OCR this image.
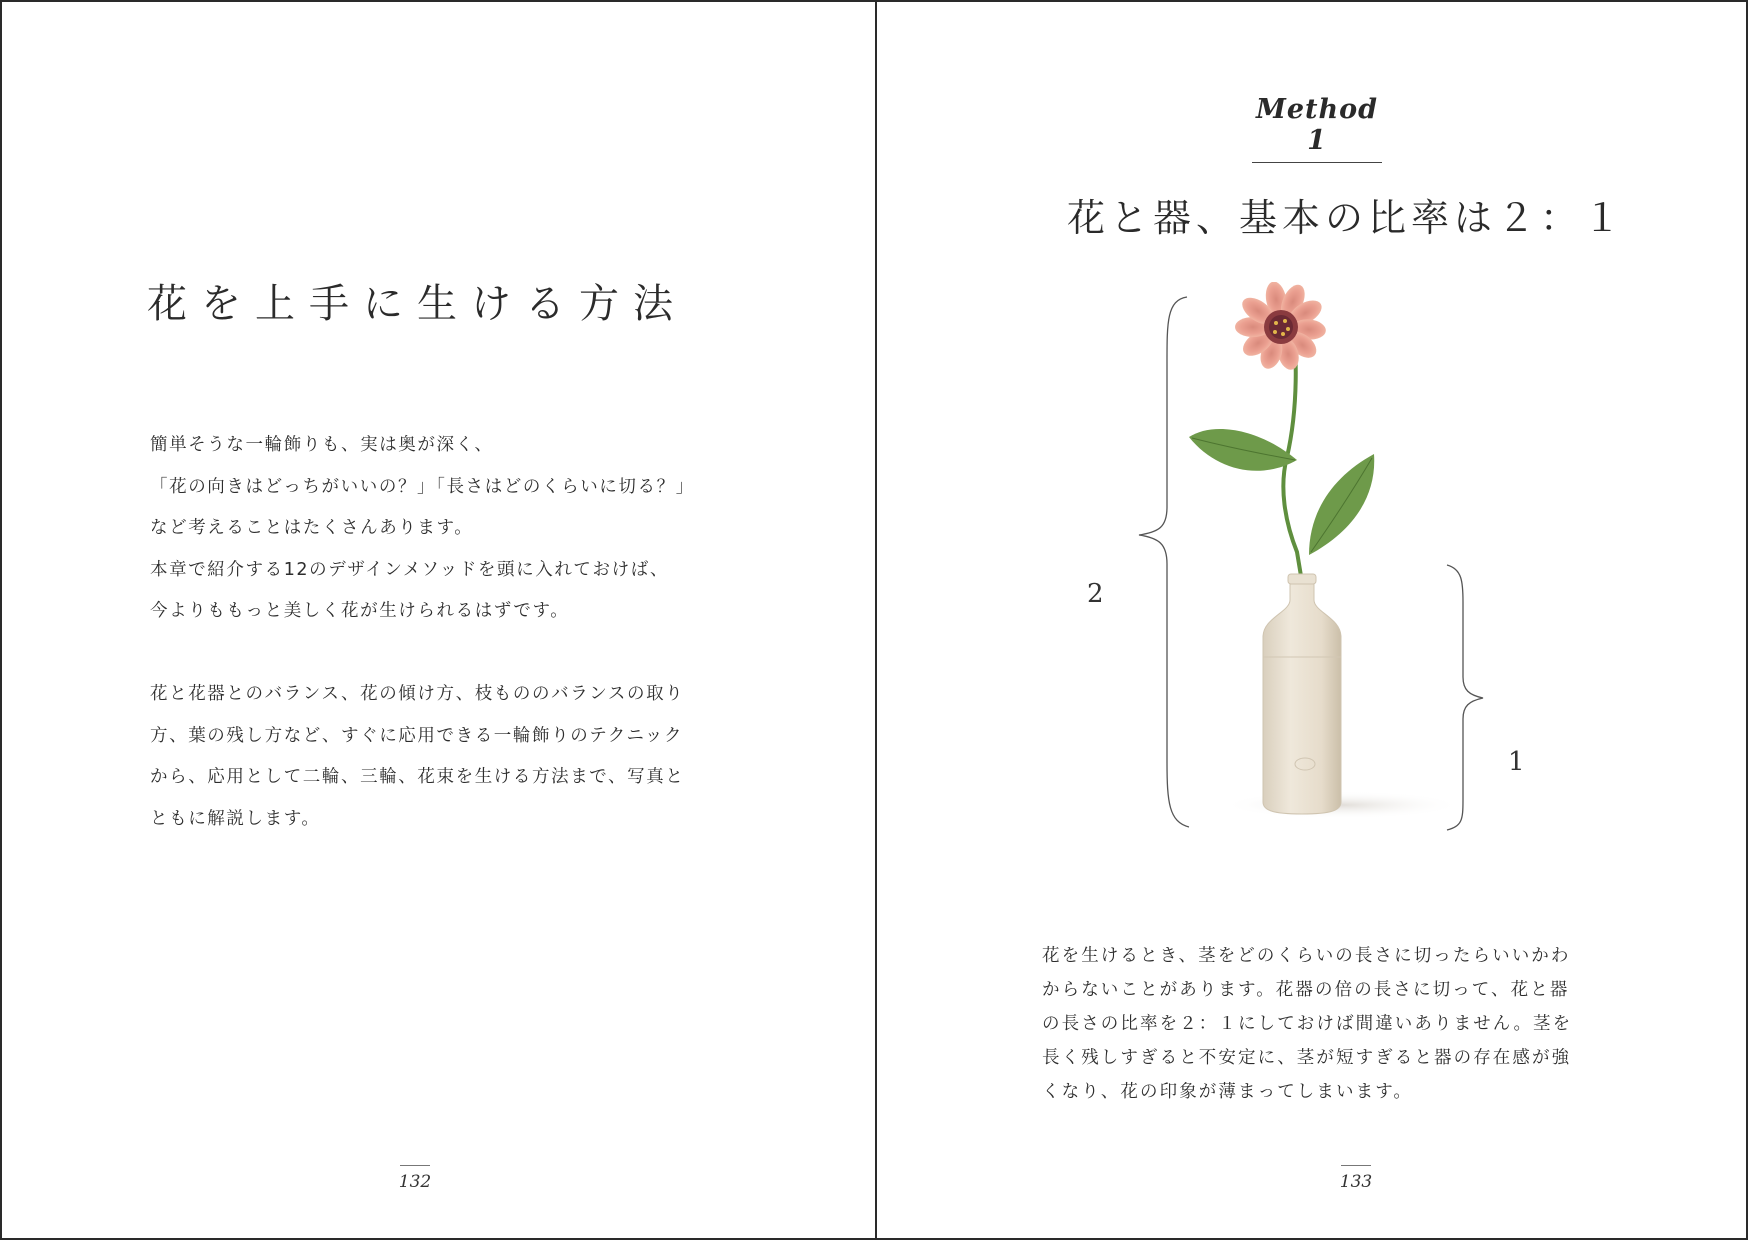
花を上手に生ける方法
簡単そうな一輪飾りも、実は奥が深く、
「花の向きはどっちがいいの？」「長さはどのくらいに切る？」
など考えることはたくさんあります。
本章で紹介する12のデザインメソッドを頭に入れておけば、
今よりももっと美しく花が生けられるはずです。
花と花器とのバランス、花の傾け方、枝もののバランスの取り
方、葉の残し方など、すぐに応用できる一輪飾りのテクニック
から、応用として二輪、三輪、花束を生ける方法まで、写真と
ともに解説します。
132
Method 1
花と器、基本の比率は２：１
2
1
花を生けるとき、茎をどのくらいの長さに切ったらいいかわ
からないことがあります。花器の倍の長さに切って、花と器
の長さの比率を２：１にしておけば間違いありません。茎を
長く残しすぎると不安定に、茎が短すぎると器の存在感が強
くなり、花の印象が薄まってしまいます。
133
